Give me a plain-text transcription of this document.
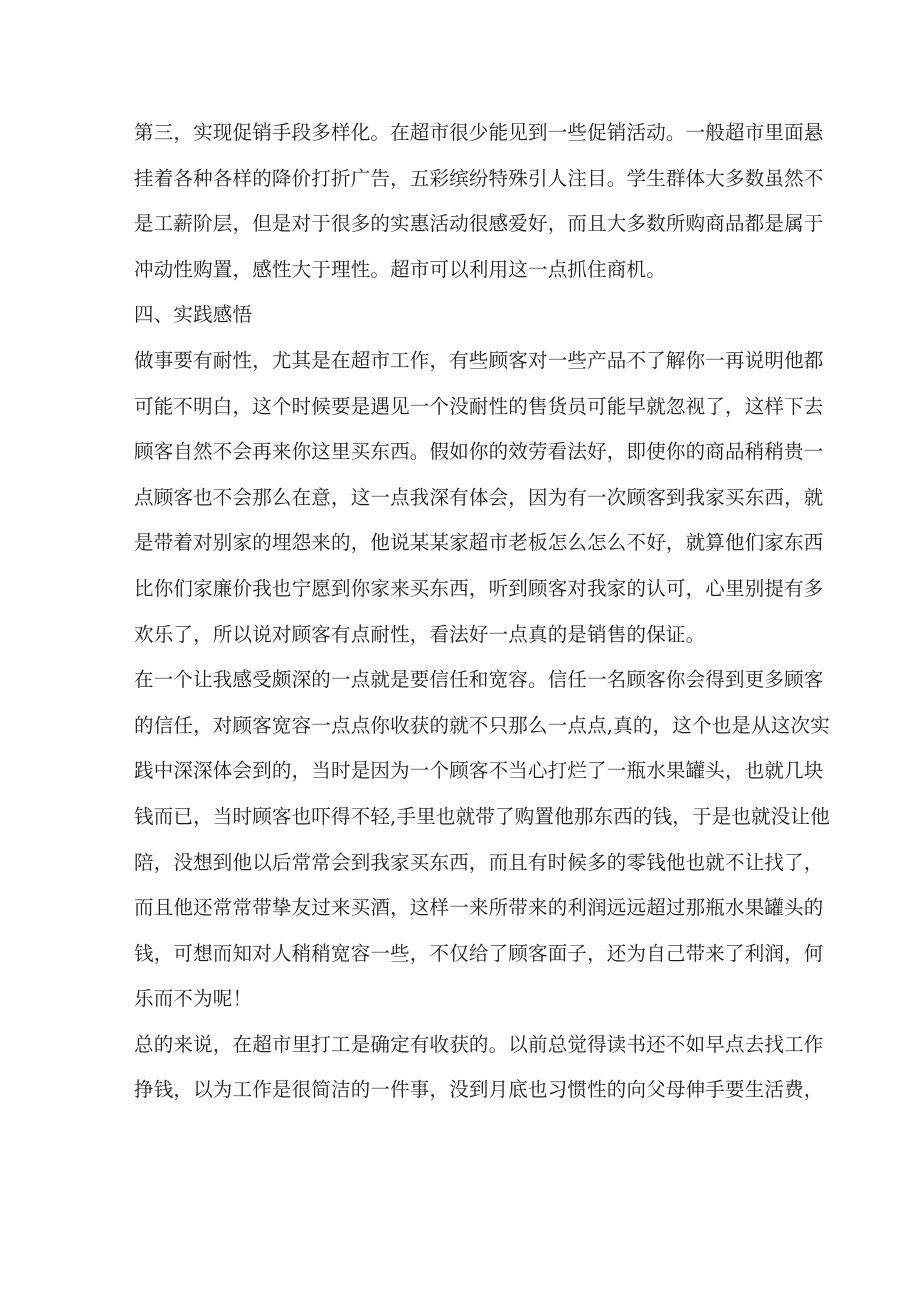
第三，实现促销手段多样化。在超市很少能见到一些促销活动。一般超市里面悬

挂着各种各样的降价打折广告，五彩缤纷特殊引人注目。学生群体大多数虽然不

是工薪阶层，但是对于很多的实惠活动很感爱好，而且大多数所购商品都是属于

冲动性购置，感性大于理性。超市可以利用这一点抓住商机。

四、实践感悟

做事要有耐性，尤其是在超市工作，有些顾客对一些产品不了解你一再说明他都

可能不明白，这个时候要是遇见一个没耐性的售货员可能早就忽视了，这样下去

顾客自然不会再来你这里买东西。假如你的效劳看法好，即使你的商品稍稍贵一

点顾客也不会那么在意，这一点我深有体会，因为有一次顾客到我家买东西，就

是带着对别家的埋怨来的，他说某某家超市老板怎么怎么不好，就算他们家东西

比你们家廉价我也宁愿到你家来买东西，听到顾客对我家的认可，心里别提有多

欢乐了，所以说对顾客有点耐性，看法好一点真的是销售的保证。

在一个让我感受颇深的一点就是要信任和宽容。信任一名顾客你会得到更多顾客

的信任，对顾客宽容一点点你收获的就不只那么一点点,真的，这个也是从这次实

践中深深体会到的，当时是因为一个顾客不当心打烂了一瓶水果罐头，也就几块

钱而已，当时顾客也吓得不轻,手里也就带了购置他那东西的钱，于是也就没让他

陪，没想到他以后常常会到我家买东西，而且有时候多的零钱他也就不让找了，

而且他还常常带挚友过来买酒，这样一来所带来的利润远远超过那瓶水果罐头的

钱，可想而知对人稍稍宽容一些，不仅给了顾客面子，还为自己带来了利润，何

乐而不为呢！

总的来说，在超市里打工是确定有收获的。以前总觉得读书还不如早点去找工作

挣钱，以为工作是很简洁的一件事，没到月底也习惯性的向父母伸手要生活费，
